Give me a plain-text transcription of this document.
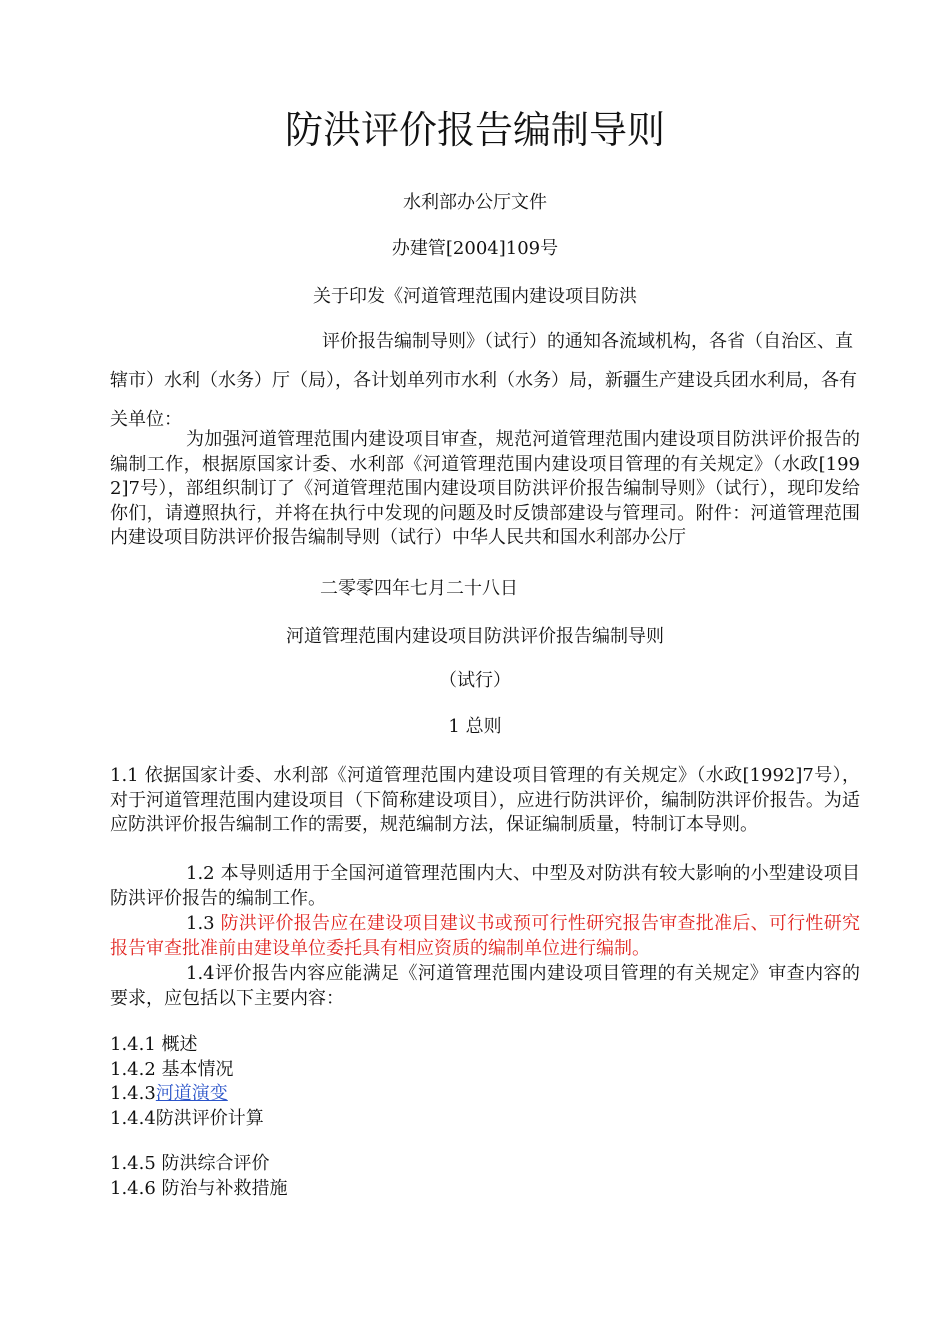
防洪评价报告编制导则

水利部办公厅文件

办建管[2004]109号

关于印发《河道管理范围内建设项目防洪

评价报告编制导则》（试行）的通知各流域机构，各省（自治区、直辖市）水利（水务）厅（局），各计划单列市水利（水务）局，新疆生产建设兵团水利局，各有关单位：

为加强河道管理范围内建设项目审查，规范河道管理范围内建设项目防洪评价报告的编制工作，根据原国家计委、水利部《河道管理范围内建设项目管理的有关规定》（水政[1992]7号），部组织制订了《河道管理范围内建设项目防洪评价报告编制导则》（试行），现印发给你们，请遵照执行，并将在执行中发现的问题及时反馈部建设与管理司。附件：河道管理范围内建设项目防洪评价报告编制导则（试行）中华人民共和国水利部办公厅

二零零四年七月二十八日

河道管理范围内建设项目防洪评价报告编制导则

（试行）

1 总则

1.1 依据国家计委、水利部《河道管理范围内建设项目管理的有关规定》（水政[1992]7号），对于河道管理范围内建设项目（下简称建设项目），应进行防洪评价，编制防洪评价报告。为适应防洪评价报告编制工作的需要，规范编制方法，保证编制质量，特制订本导则。

1.2 本导则适用于全国河道管理范围内大、中型及对防洪有较大影响的小型建设项目防洪评价报告的编制工作。

1.3 防洪评价报告应在建设项目建议书或预可行性研究报告审查批准后、可行性研究报告审查批准前由建设单位委托具有相应资质的编制单位进行编制。

1.4评价报告内容应能满足《河道管理范围内建设项目管理的有关规定》审查内容的要求，应包括以下主要内容：

1.4.1 概述
1.4.2 基本情况
1.4.3河道演变
1.4.4防洪评价计算
1.4.5 防洪综合评价
1.4.6 防治与补救措施
